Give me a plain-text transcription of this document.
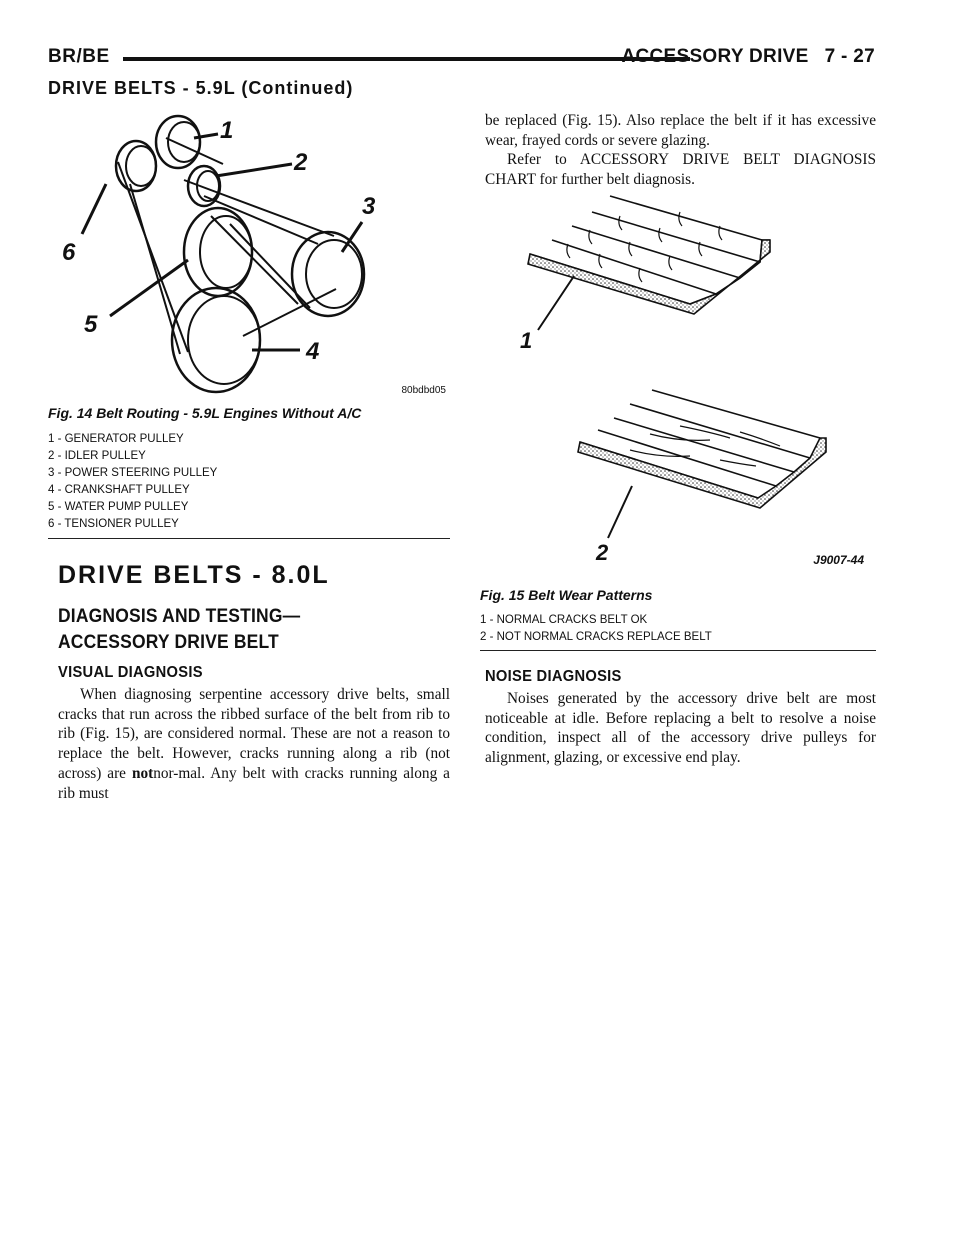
BR/BE	ACCESSORY DRIVE 7 - 27
DRIVE BELTS - 5.9L (Continued)
1
2
3
4
5
6
80bdbd05
Fig. 14 Belt Routing - 5.9L Engines Without A/C
1 - GENERATOR PULLEY
2 - IDLER PULLEY
3 - POWER STEERING PULLEY
4 - CRANKSHAFT PULLEY
5 - WATER PUMP PULLEY
6 - TENSIONER PULLEY
DRIVE BELTS - 8.0L
DIAGNOSIS AND TESTING—ACCESSORY DRIVE BELT
VISUAL DIAGNOSIS
When diagnosing serpentine accessory drive belts, small cracks that run across the ribbed surface of the belt from rib to rib (Fig. 15), are considered normal. These are not a reason to replace the belt. However, cracks running along a rib (not across) are notnor-mal. Any belt with cracks running along a rib must
be replaced (Fig. 15). Also replace the belt if it has excessive wear, frayed cords or severe glazing.
Refer to ACCESSORY DRIVE BELT DIAGNOSIS CHART for further belt diagnosis.
1
2	J9007-44
Fig. 15 Belt Wear Patterns
1 - NORMAL CRACKS BELT OK
2 - NOT NORMAL CRACKS REPLACE BELT
NOISE DIAGNOSIS
Noises generated by the accessory drive belt are most noticeable at idle. Before replacing a belt to resolve a noise condition, inspect all of the accessory drive pulleys for alignment, glazing, or excessive end play.
